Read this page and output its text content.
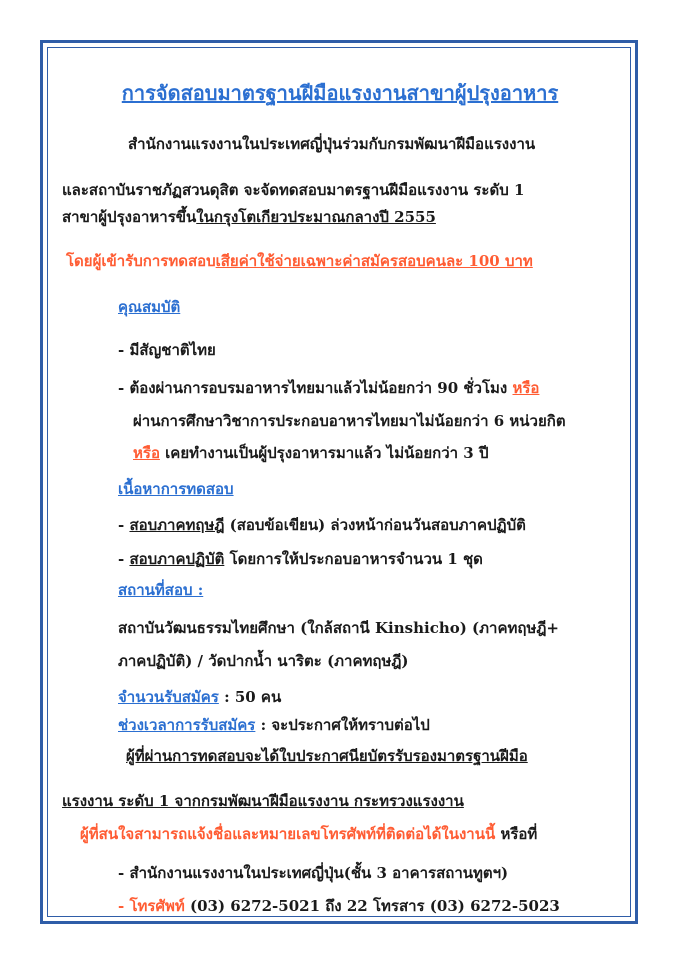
การจัดสอบมาตรฐานฝีมือแรงงานสาขาผู้ปรุงอาหาร
สำนักงานแรงงานในประเทศญี่ปุ่นร่วมกับกรมพัฒนาฝีมือแรงงาน
และสถาบันราชภัฏสวนดุสิต จะจัดทดสอบมาตรฐานฝีมือแรงงาน ระดับ 1
สาขาผู้ปรุงอาหารขึ้นในกรุงโตเกียวประมาณกลางปี 2555
โดยผู้เข้ารับการทดสอบเสียค่าใช้จ่ายเฉพาะค่าสมัครสอบคนละ 100 บาท
คุณสมบัติ
- มีสัญชาติไทย
- ต้องผ่านการอบรมอาหารไทยมาแล้วไม่น้อยกว่า 90 ชั่วโมง หรือ
ผ่านการศึกษาวิชาการประกอบอาหารไทยมาไม่น้อยกว่า 6 หน่วยกิต
หรือ เคยทำงานเป็นผู้ปรุงอาหารมาแล้ว ไม่น้อยกว่า 3 ปี
เนื้อหาการทดสอบ
- สอบภาคทฤษฎี (สอบข้อเขียน) ล่วงหน้าก่อนวันสอบภาคปฏิบัติ
- สอบภาคปฏิบัติ โดยการให้ประกอบอาหารจำนวน 1 ชุด
สถานที่สอบ :
สถาบันวัฒนธรรมไทยศึกษา (ใกล้สถานี Kinshicho) (ภาคทฤษฎี+
ภาคปฏิบัติ) / วัดปากน้ำ นาริตะ (ภาคทฤษฎี)
จำนวนรับสมัคร : 50 คน
ช่วงเวลาการรับสมัคร : จะประกาศให้ทราบต่อไป
ผู้ที่ผ่านการทดสอบจะได้ใบประกาศนียบัตรรับรองมาตรฐานฝีมือ
แรงงาน ระดับ 1 จากกรมพัฒนาฝีมือแรงงาน กระทรวงแรงงาน
ผู้ที่สนใจสามารถแจ้งชื่อและหมายเลขโทรศัพท์ที่ติดต่อได้ในงานนี้ หรือที่
- สำนักงานแรงงานในประเทศญี่ปุ่น(ชั้น 3 อาคารสถานทูตฯ)
- โทรศัพท์ (03) 6272-5021 ถึง 22 โทรสาร (03) 6272-5023
